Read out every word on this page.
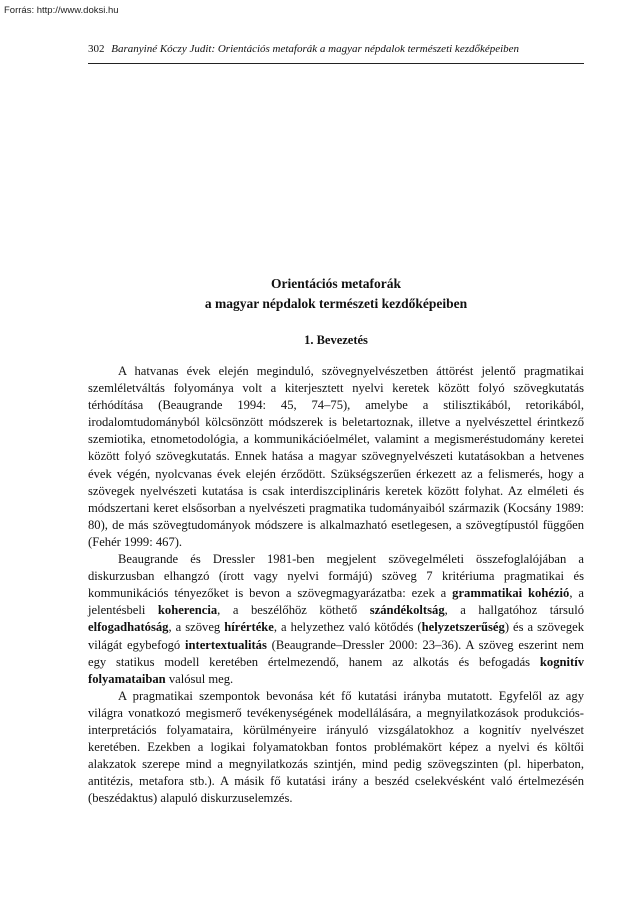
Forrás: http://www.doksi.hu
302 Baranyiné Kóczy Judit: Orientációs metaforák a magyar népdalok természeti kezdőképeiben
Orientációs metaforák
a magyar népdalok természeti kezdőképeiben
1. Bevezetés

A hatvanas évek elején meginduló, szövegnyelvészetben áttörést jelentő pragmatikai szemléletváltás folyománya volt a kiterjesztett nyelvi keretek között folyó szövegkutatás térhódítása (Beaugrande 1994: 45, 74–75), amelybe a stilisztikából, retorikából, irodalomtudományból kölcsönzött módszerek is beletartoznak, illetve a nyelvészettel érintkező szemiotika, etnometodológia, a kommunikációelmélet, valamint a megismeréstudomány keretei között folyó szövegkutatás. Ennek hatása a magyar szövegnyelvészeti kutatásokban a hetvenes évek végén, nyolcvanas évek elején érződött. Szükségszerűen érkezett az a felismerés, hogy a szövegek nyelvészeti kutatása is csak interdiszciplináris keretek között folyhat. Az elméleti és módszertani keret elsősorban a nyelvészeti pragmatika tudományaiból származik (Kocsány 1989: 80), de más szövegtudományok módszere is alkalmazható esetlegesen, a szövegtípustól függően (Fehér 1999: 467).

Beaugrande és Dressler 1981-ben megjelent szövegelméleti összefoglalójában a diskurzusban elhangzó (írott vagy nyelvi formájú) szöveg 7 kritériuma pragmatikai és kommunikációs tényezőket is bevon a szövegmagyarázatba: ezek a grammatikai kohézió, a jelentésbeli koherencia, a beszélőhöz köthető szándékoltság, a hallgatóhoz társuló elfogadhatóság, a szöveg hírértéke, a helyzethez való kötődés (helyzetszerűség) és a szövegek világát egybefogó intertextualitás (Beaugrande–Dressler 2000: 23–36). A szöveg eszerint nem egy statikus modell keretében értelmezendő, hanem az alkotás és befogadás kognitív folyamataiban valósul meg.

A pragmatikai szempontok bevonása két fő kutatási irányba mutatott. Egyfelől az agy világra vonatkozó megismerő tevékenységének modellálására, a megnyilatkozások produkciós-interpretációs folyamataira, körülményeire irányuló vizsgálatokhoz a kognitív nyelvészet keretében. Ezekben a logikai folyamatokban fontos problémakört képez a nyelvi és költői alakzatok szerepe mind a megnyilatkozás szintjén, mind pedig szövegszinten (pl. hiperbaton, antitézis, metafora stb.). A másik fő kutatási irány a beszéd cselekvésként való értelmezésén (beszédaktus) alapuló diskurzuselemzés.
